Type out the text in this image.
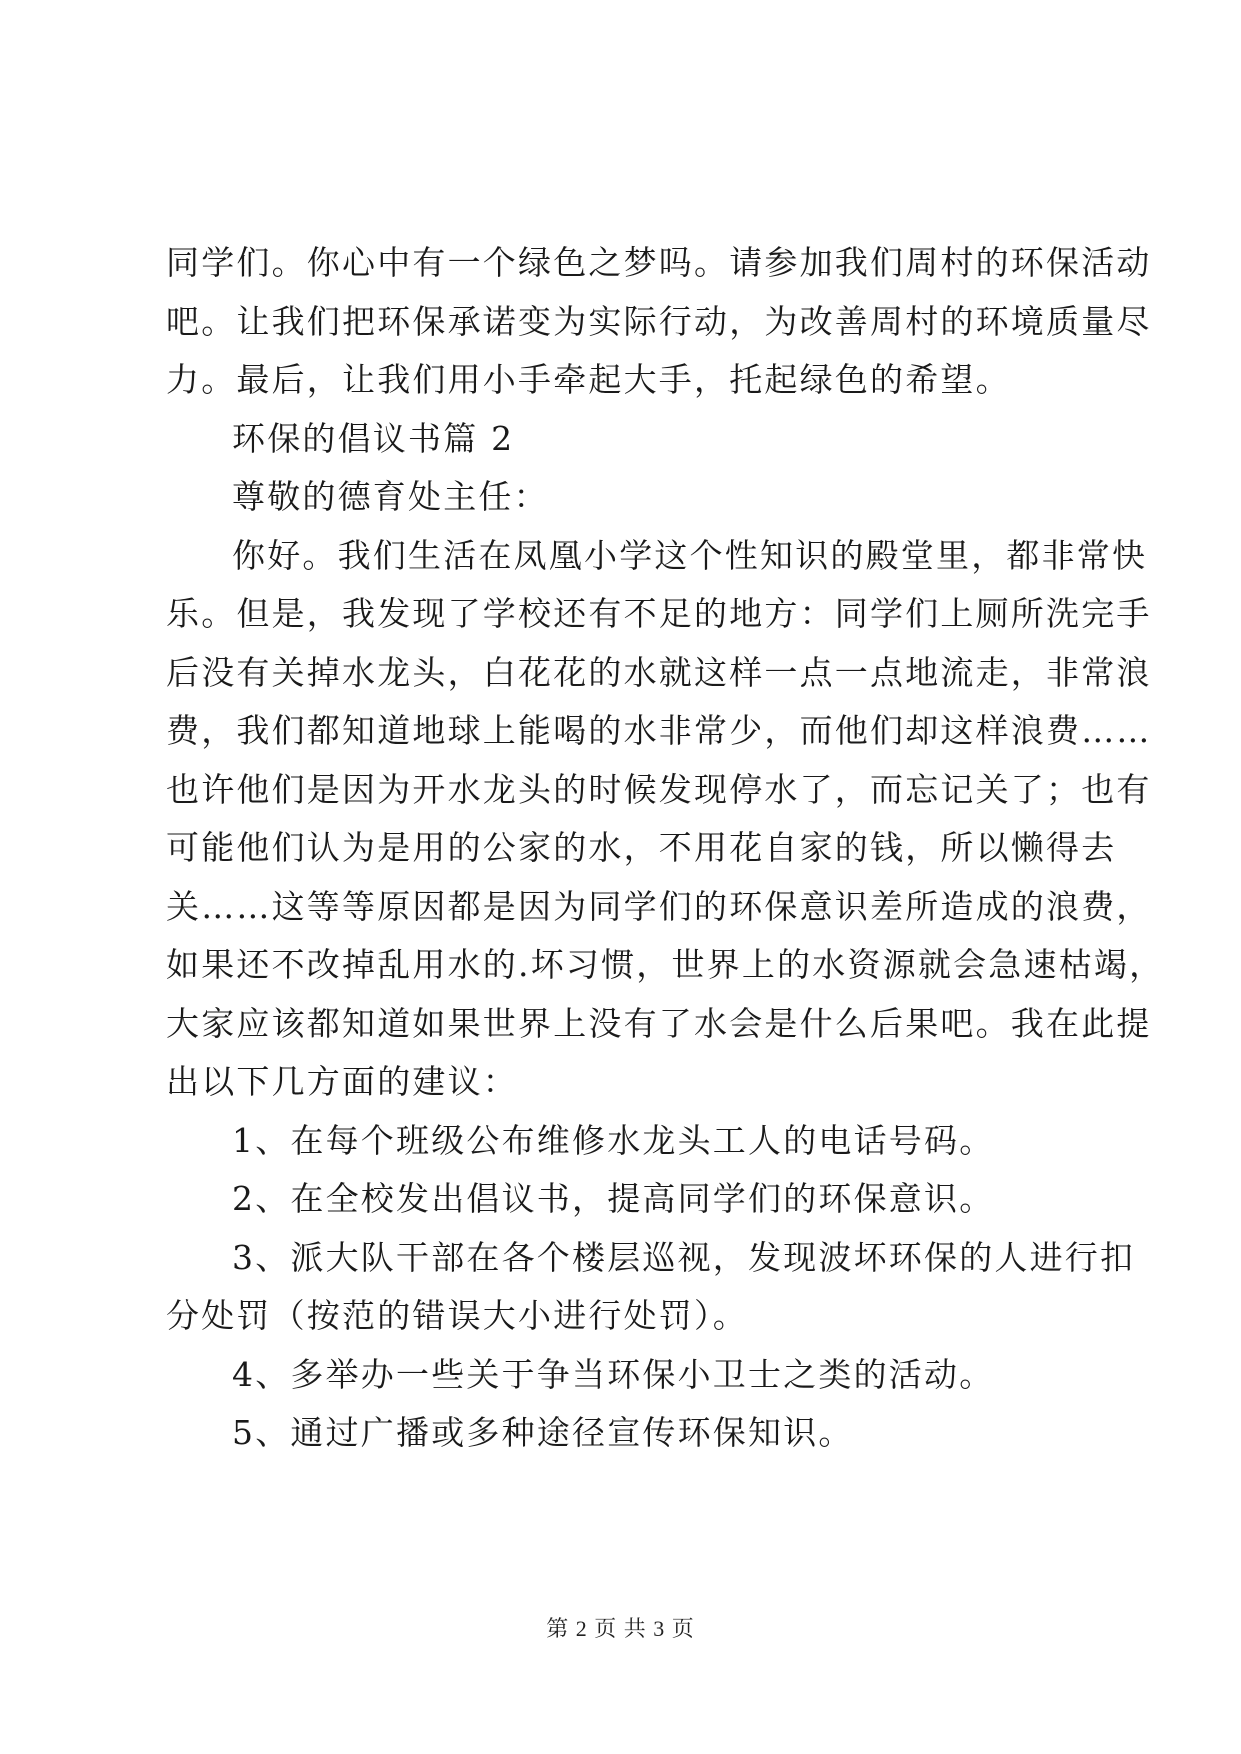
同学们。你心中有一个绿色之梦吗。请参加我们周村的环保活动
吧。让我们把环保承诺变为实际行动，为改善周村的环境质量尽
力。最后，让我们用小手牵起大手，托起绿色的希望。
环保的倡议书篇 2
尊敬的德育处主任：
你好。我们生活在凤凰小学这个性知识的殿堂里，都非常快
乐。但是，我发现了学校还有不足的地方：同学们上厕所洗完手
后没有关掉水龙头，白花花的水就这样一点一点地流走，非常浪
费，我们都知道地球上能喝的水非常少，而他们却这样浪费……
也许他们是因为开水龙头的时候发现停水了，而忘记关了；也有
可能他们认为是用的公家的水，不用花自家的钱，所以懒得去
关……这等等原因都是因为同学们的环保意识差所造成的浪费，
如果还不改掉乱用水的.坏习惯，世界上的水资源就会急速枯竭，
大家应该都知道如果世界上没有了水会是什么后果吧。我在此提
出以下几方面的建议：
1、在每个班级公布维修水龙头工人的电话号码。
2、在全校发出倡议书，提高同学们的环保意识。
3、派大队干部在各个楼层巡视，发现波坏环保的人进行扣
分处罚（按范的错误大小进行处罚）。
4、多举办一些关于争当环保小卫士之类的活动。
5、通过广播或多种途径宣传环保知识。
第 2 页 共 3 页
